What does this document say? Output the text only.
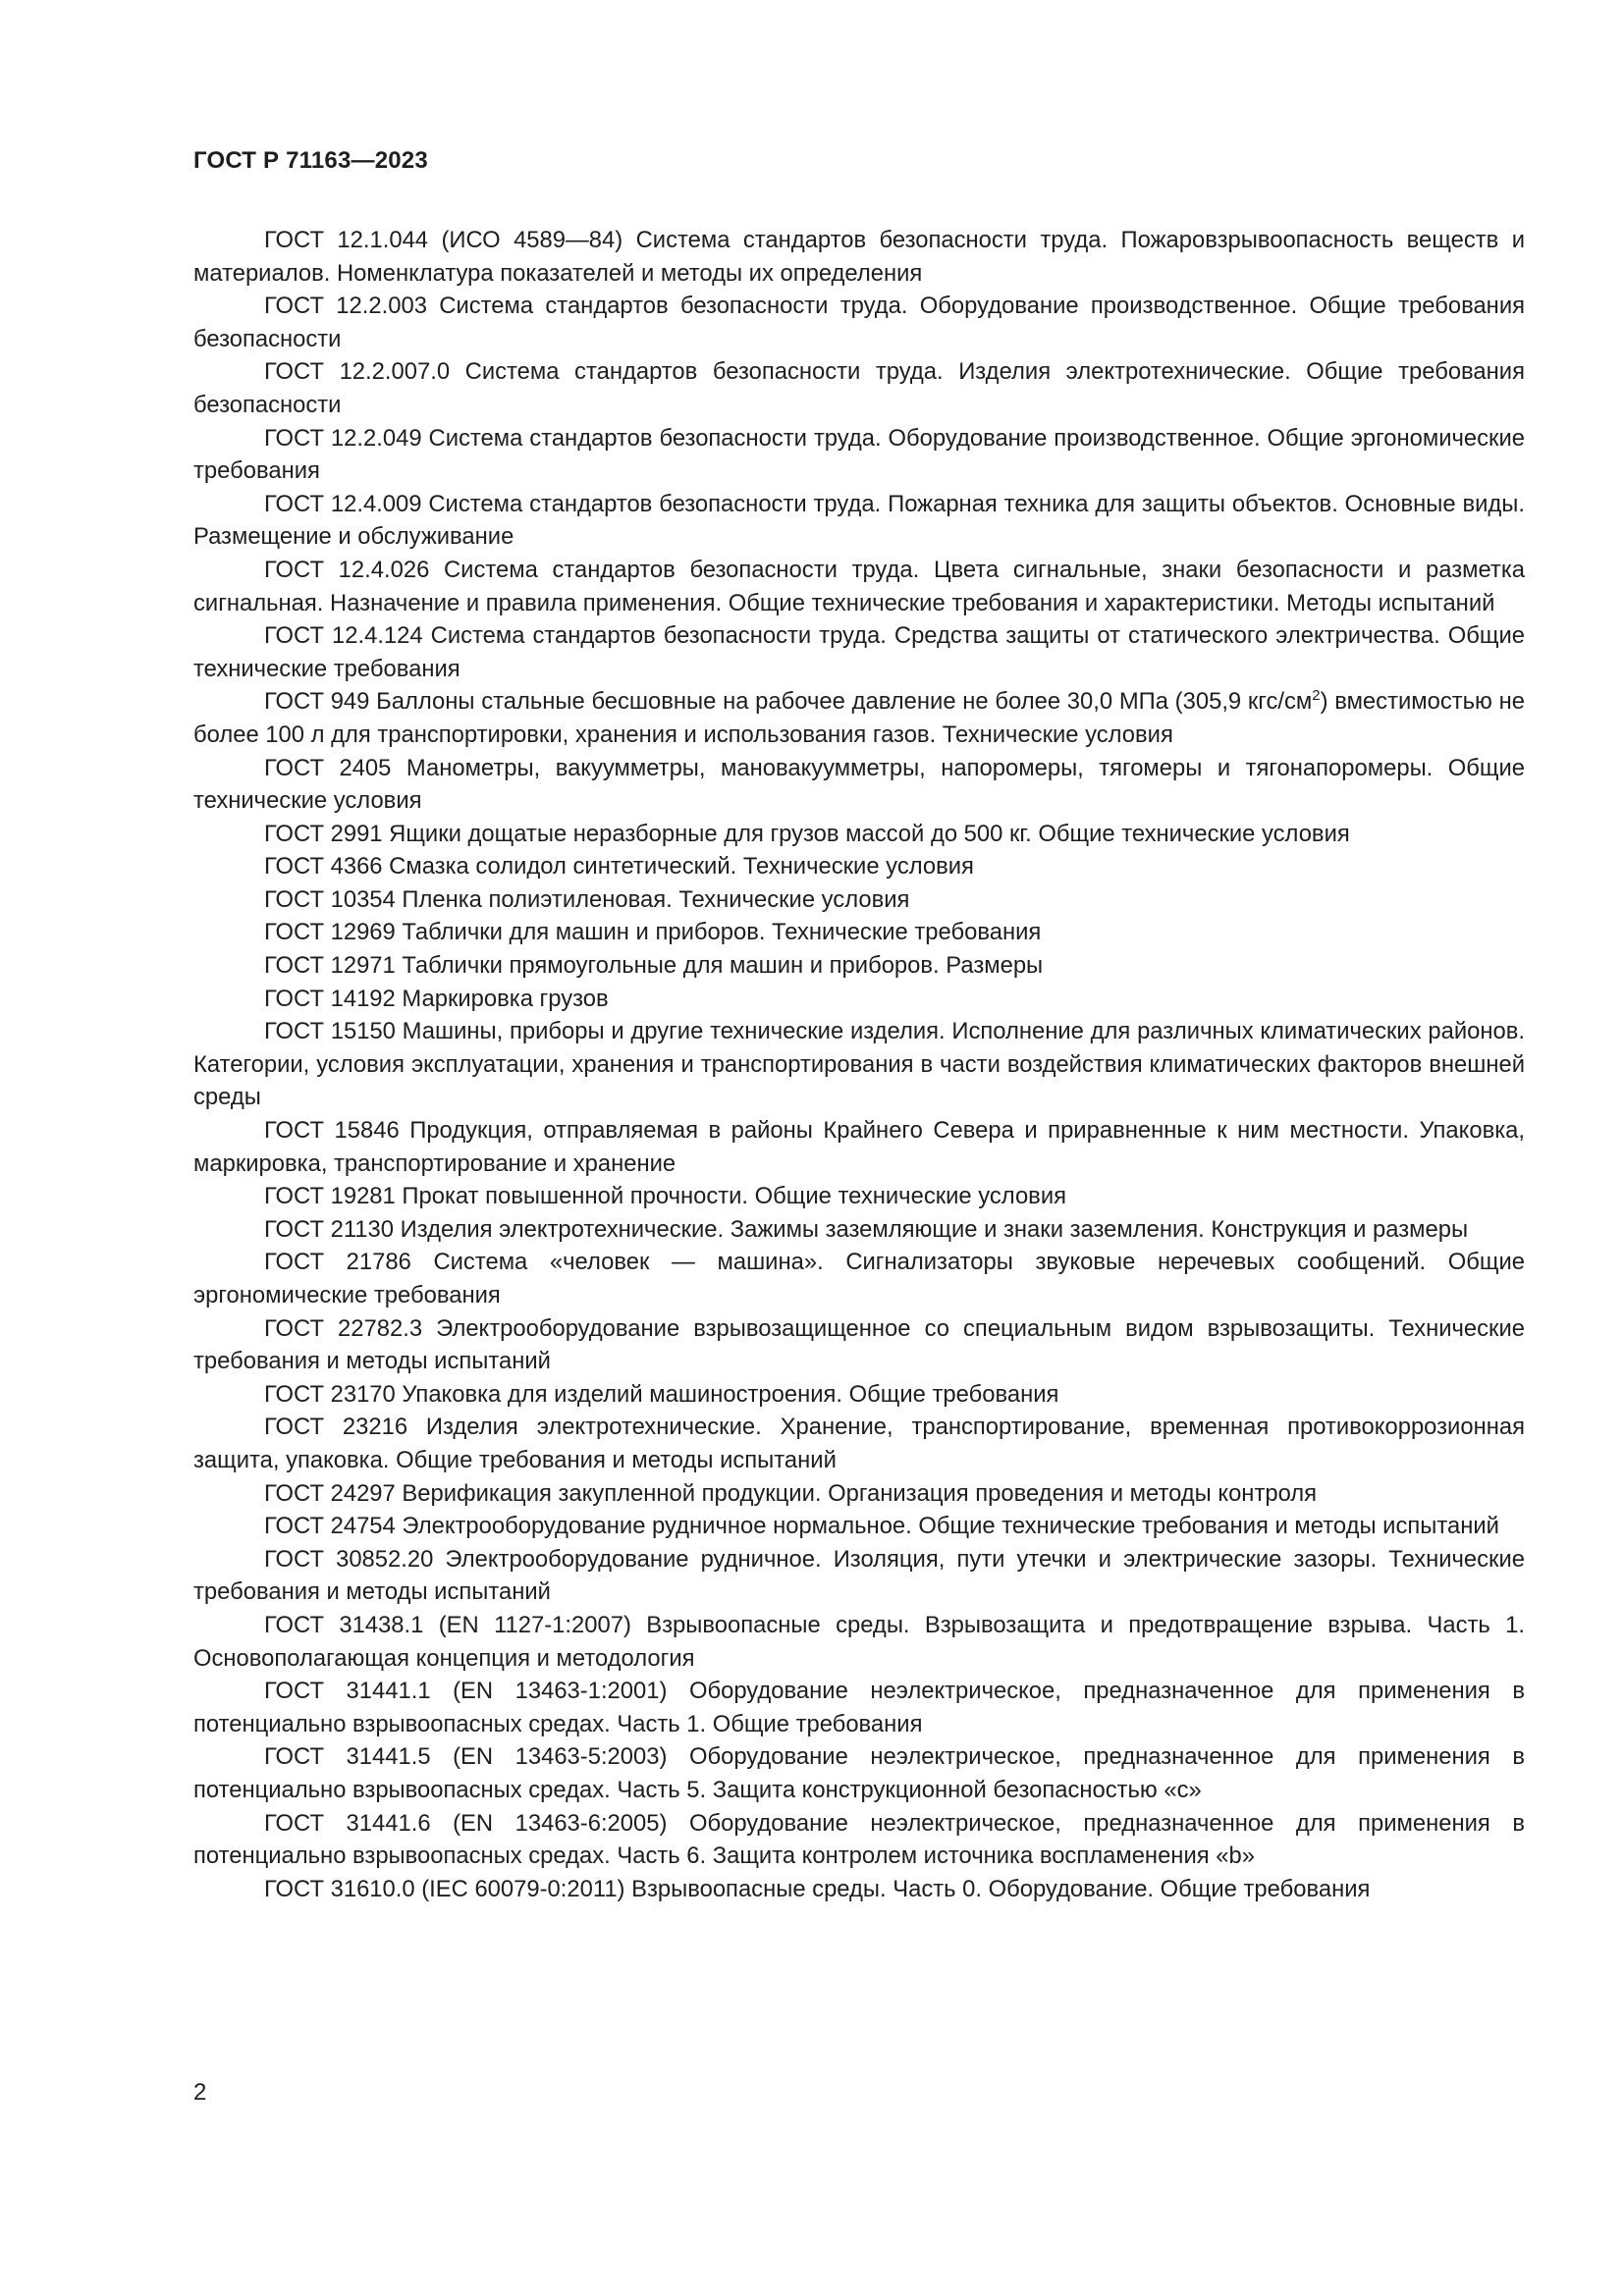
ГОСТ Р 71163—2023
ГОСТ 12.1.044 (ИСО 4589—84) Система стандартов безопасности труда. Пожаровзрывоопасность веществ и материалов. Номенклатура показателей и методы их определения
ГОСТ 12.2.003 Система стандартов безопасности труда. Оборудование производственное. Общие требования безопасности
ГОСТ 12.2.007.0 Система стандартов безопасности труда. Изделия электротехнические. Общие требования безопасности
ГОСТ 12.2.049 Система стандартов безопасности труда. Оборудование производственное. Общие эргономические требования
ГОСТ 12.4.009 Система стандартов безопасности труда. Пожарная техника для защиты объектов. Основные виды. Размещение и обслуживание
ГОСТ 12.4.026 Система стандартов безопасности труда. Цвета сигнальные, знаки безопасности и разметка сигнальная. Назначение и правила применения. Общие технические требования и характеристики. Методы испытаний
ГОСТ 12.4.124 Система стандартов безопасности труда. Средства защиты от статического электричества. Общие технические требования
ГОСТ 949 Баллоны стальные бесшовные на рабочее давление не более 30,0 МПа (305,9 кгс/$см^2$) вместимостью не более 100 л для транспортировки, хранения и использования газов. Технические условия
ГОСТ 2405 Манометры, вакуумметры, мановакуумметры, напоромеры, тягомеры и тягонапоромеры. Общие технические условия
ГОСТ 2991 Ящики дощатые неразборные для грузов массой до 500 кг. Общие технические условия
ГОСТ 4366 Смазка солидол синтетический. Технические условия
ГОСТ 10354 Пленка полиэтиленовая. Технические условия
ГОСТ 12969 Таблички для машин и приборов. Технические требования
ГОСТ 12971 Таблички прямоугольные для машин и приборов. Размеры
ГОСТ 14192 Маркировка грузов
ГОСТ 15150 Машины, приборы и другие технические изделия. Исполнение для различных климатических районов. Категории, условия эксплуатации, хранения и транспортирования в части воздействия климатических факторов внешней среды
ГОСТ 15846 Продукция, отправляемая в районы Крайнего Севера и приравненные к ним местности. Упаковка, маркировка, транспортирование и хранение
ГОСТ 19281 Прокат повышенной прочности. Общие технические условия
ГОСТ 21130 Изделия электротехнические. Зажимы заземляющие и знаки заземления. Конструкция и размеры
ГОСТ 21786 Система «человек — машина». Сигнализаторы звуковые неречевых сообщений. Общие эргономические требования
ГОСТ 22782.3 Электрооборудование взрывозащищенное со специальным видом взрывозащиты. Технические требования и методы испытаний
ГОСТ 23170 Упаковка для изделий машиностроения. Общие требования
ГОСТ 23216 Изделия электротехнические. Хранение, транспортирование, временная противокоррозионная защита, упаковка. Общие требования и методы испытаний
ГОСТ 24297 Верификация закупленной продукции. Организация проведения и методы контроля
ГОСТ 24754 Электрооборудование рудничное нормальное. Общие технические требования и методы испытаний
ГОСТ 30852.20 Электрооборудование рудничное. Изоляция, пути утечки и электрические зазоры. Технические требования и методы испытаний
ГОСТ 31438.1 (EN 1127-1:2007) Взрывоопасные среды. Взрывозащита и предотвращение взрыва. Часть 1. Основополагающая концепция и методология
ГОСТ 31441.1 (EN 13463-1:2001) Оборудование неэлектрическое, предназначенное для применения в потенциально взрывоопасных средах. Часть 1. Общие требования
ГОСТ 31441.5 (EN 13463-5:2003) Оборудование неэлектрическое, предназначенное для применения в потенциально взрывоопасных средах. Часть 5. Защита конструкционной безопасностью «с»
ГОСТ 31441.6 (EN 13463-6:2005) Оборудование неэлектрическое, предназначенное для применения в потенциально взрывоопасных средах. Часть 6. Защита контролем источника воспламенения «b»
ГОСТ 31610.0 (IEC 60079-0:2011) Взрывоопасные среды. Часть 0. Оборудование. Общие требования
2
